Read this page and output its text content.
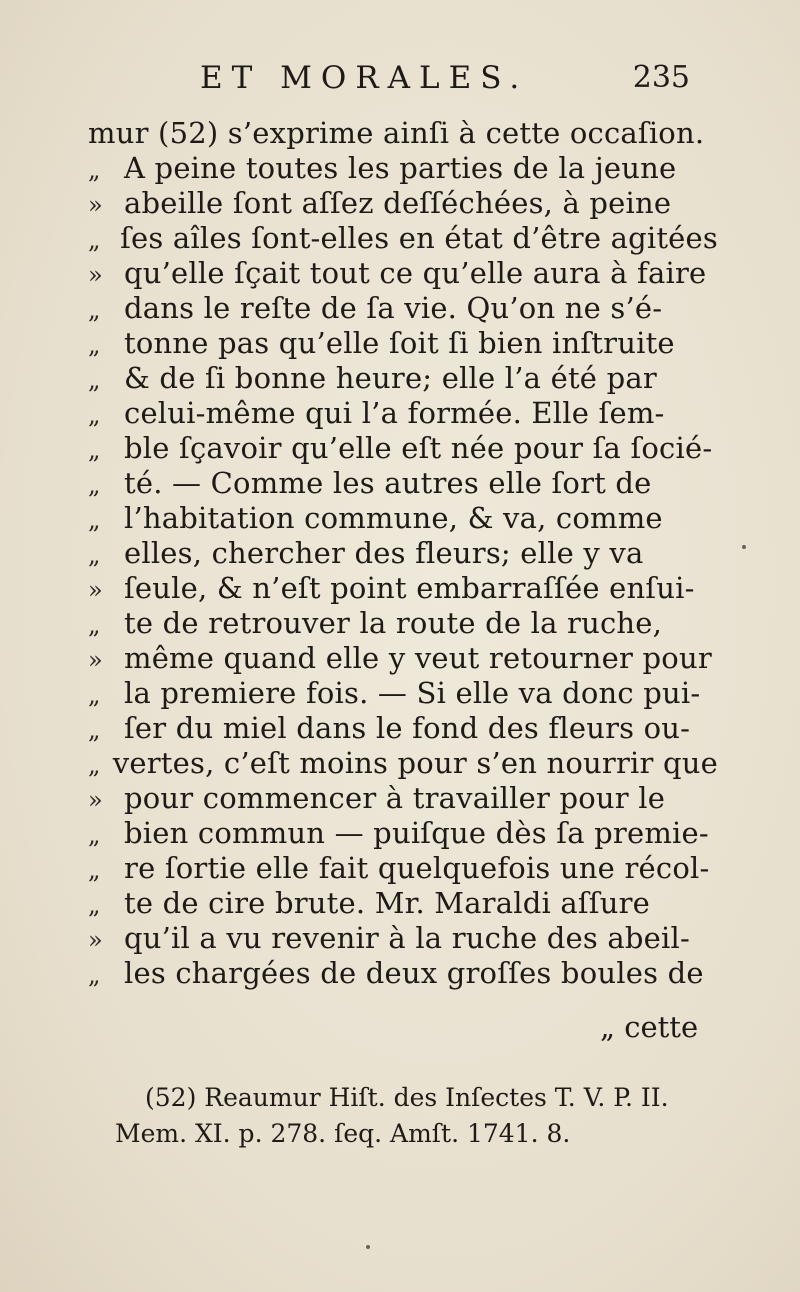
ET MORALES.	235
mur (52) s’exprime ainſi à cette occaſion.
„ A peine toutes les parties de la jeune
» abeille ſont aſſez deſſéchées, à peine
„ ſes aîles ſont-elles en état d’être agitées
» qu’elle ſçait tout ce qu’elle aura à faire
„ dans le reſte de ſa vie. Qu’on ne s’é-
„ tonne pas qu’elle ſoit ſi bien inſtruite
„ & de ſi bonne heure; elle l’a été par
„ celui-même qui l’a formée. Elle ſem-
„ ble ſçavoir qu’elle eſt née pour ſa ſocié-
„ té. — Comme les autres elle ſort de
„ l’habitation commune, & va, comme
„ elles, chercher des fleurs; elle y va
» ſeule, & n’eſt point embarraſſée enſui-
„ te de retrouver la route de la ruche,
» même quand elle y veut retourner pour
„ la premiere fois. — Si elle va donc pui-
„ ſer du miel dans le fond des fleurs ou-
„ vertes, c’eſt moins pour s’en nourrir que
» pour commencer à travailler pour le
„ bien commun — puiſque dès ſa premie-
„ re ſortie elle fait quelquefois une récol-
„ te de cire brute. Mr. Maraldi aſſure
» qu’il a vu revenir à la ruche des abeil-
„ les chargées de deux groſſes boules de
„ cette
(52) Reaumur Hiſt. des Inſectes T. V. P. II.
Mem. XI. p. 278. ſeq. Amſt. 1741. 8.
